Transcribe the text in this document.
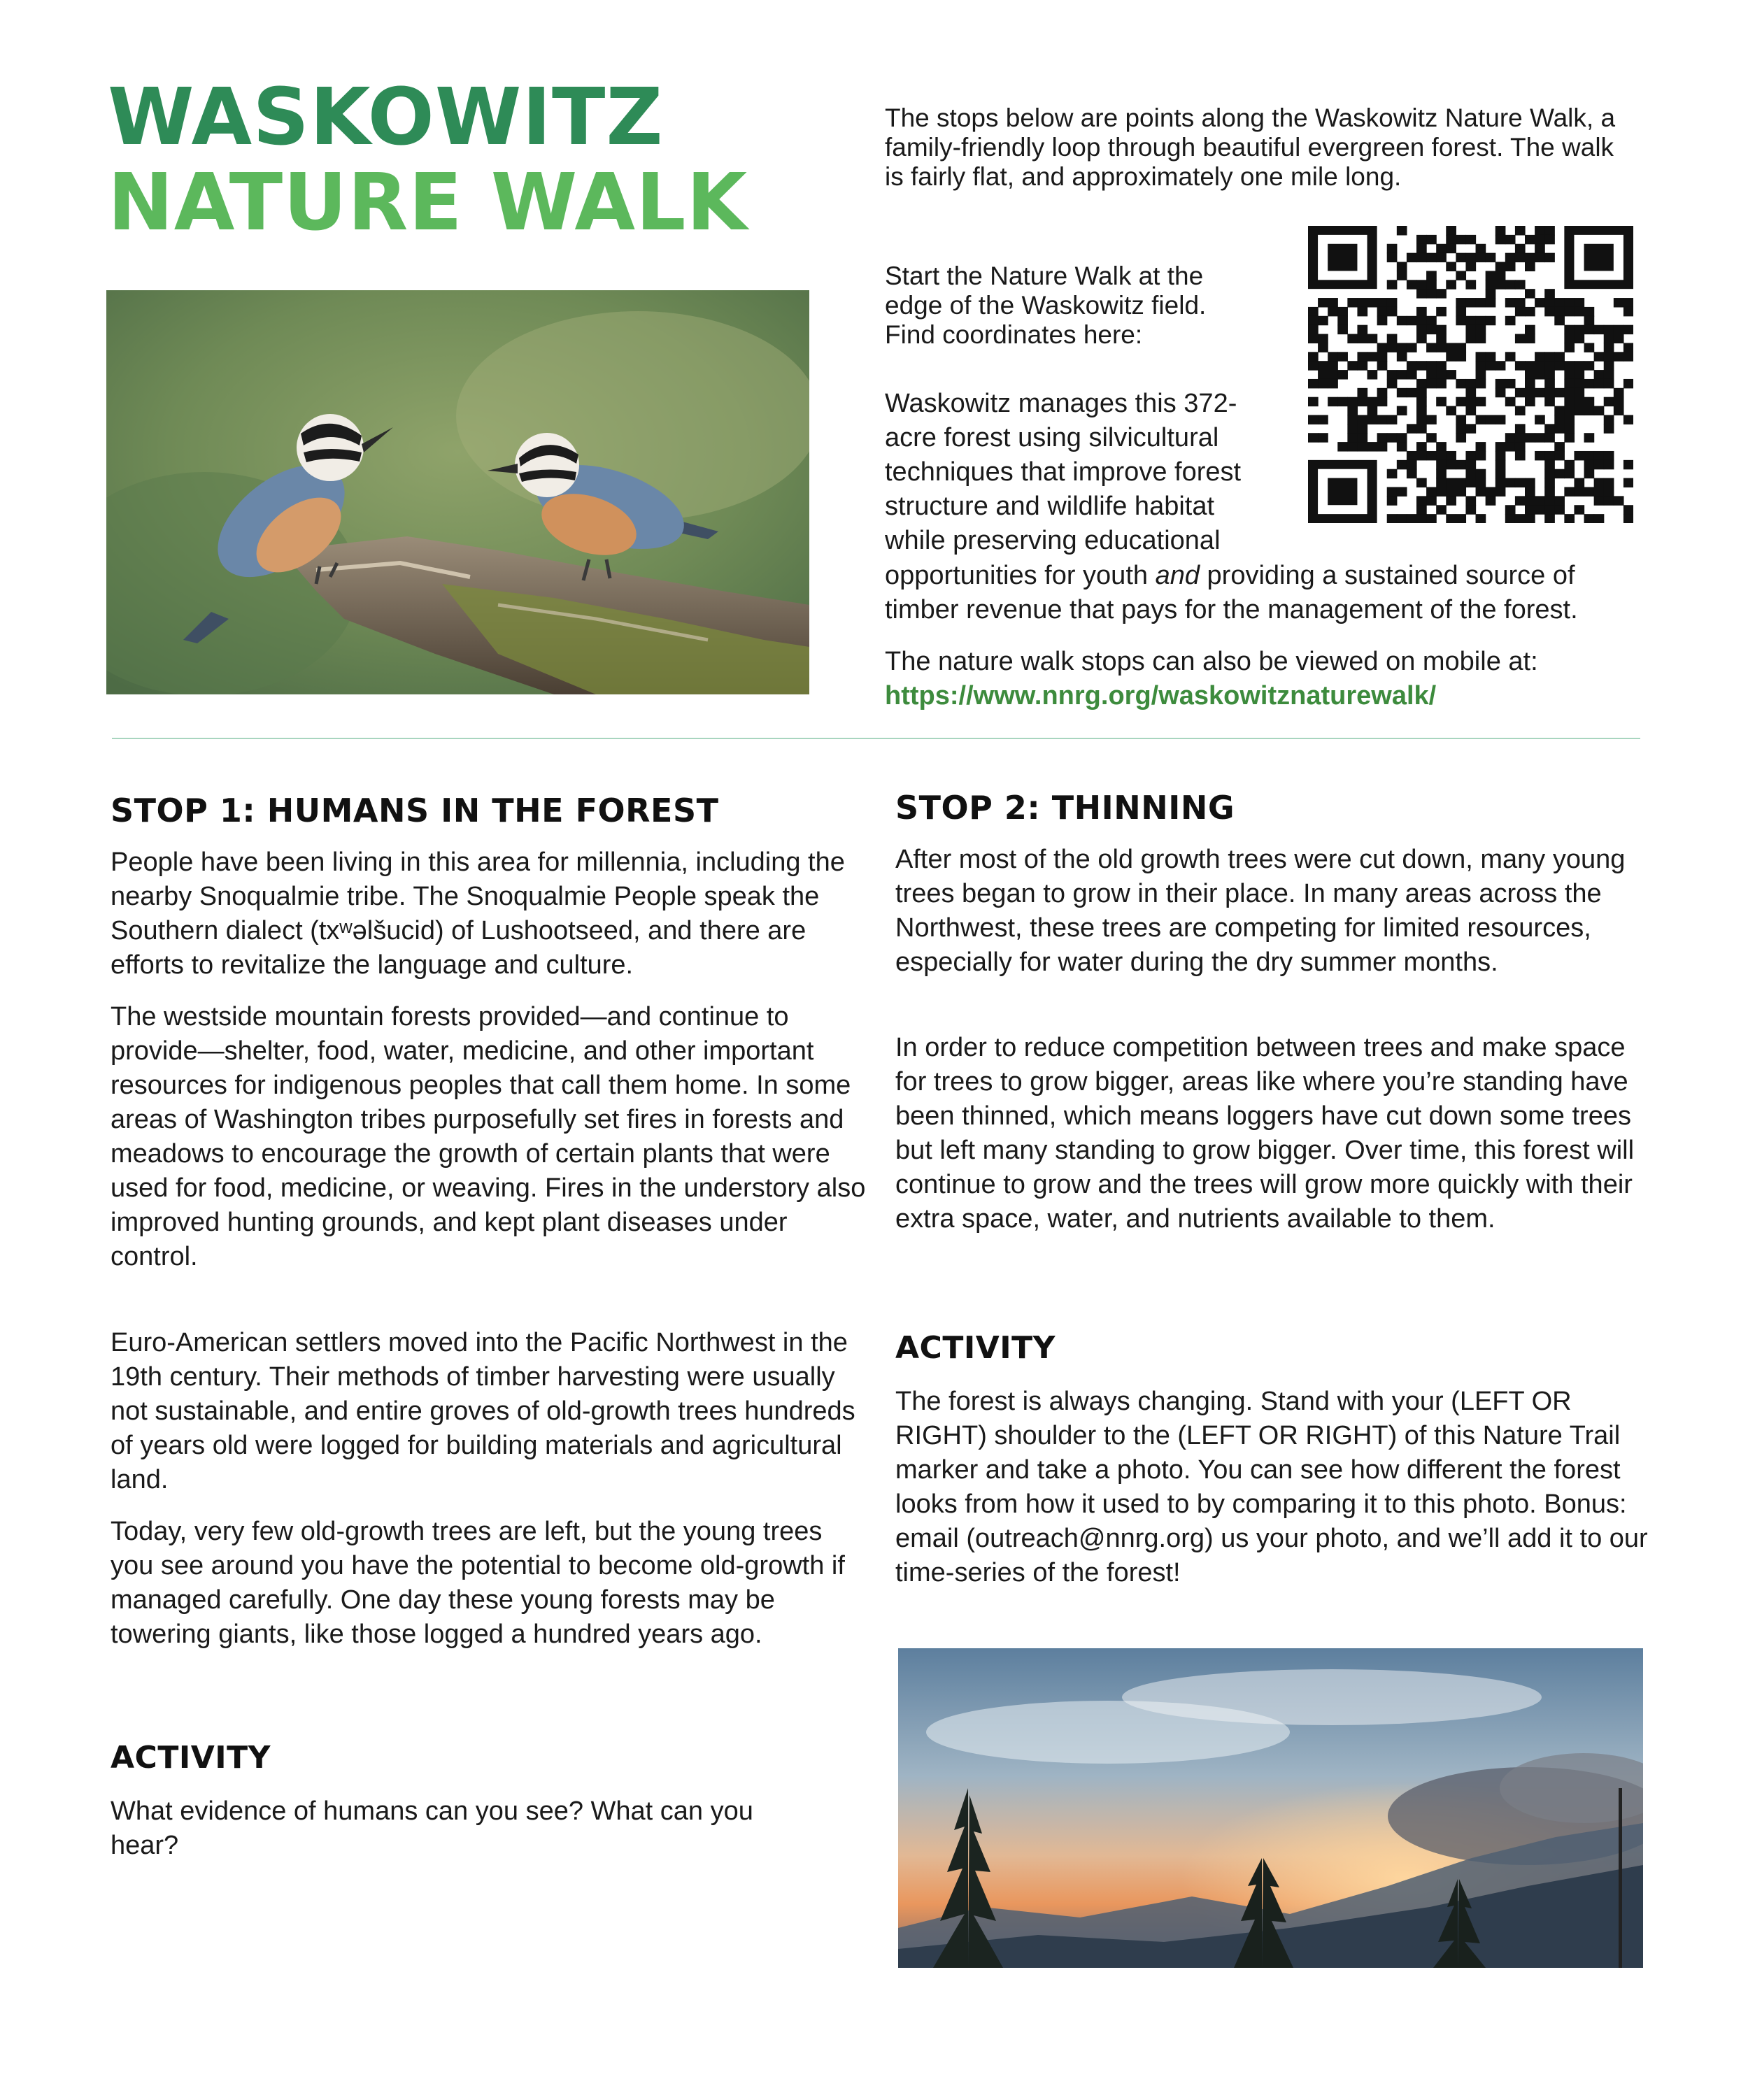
WASKOWITZ
NATURE WALK

The stops below are points along the Waskowitz Nature Walk, a family-friendly loop through beautiful evergreen forest. The walk is fairly flat, and approximately one mile long.

Start the Nature Walk at the edge of the Waskowitz field. Find coordinates here:

Waskowitz manages this 372-acre forest using silvicultural techniques that improve forest structure and wildlife habitat while preserving educational

opportunities for youth and providing a sustained source of timber revenue that pays for the management of the forest.

The nature walk stops can also be viewed on mobile at:

https://www.nnrg.org/waskowitznaturewalk/
STOP 1: HUMANS IN THE FOREST

People have been living in this area for millennia, including the nearby Snoqualmie tribe. The Snoqualmie People speak the Southern dialect (txʷəlšucid) of Lushootseed, and there are efforts to revitalize the language and culture.

The westside mountain forests provided—and continue to provide—shelter, food, water, medicine, and other important resources for indigenous peoples that call them home. In some areas of Washington tribes purposefully set fires in forests and meadows to encourage the growth of certain plants that were used for food, medicine, or weaving. Fires in the understory also improved hunting grounds, and kept plant diseases under control.

Euro-American settlers moved into the Pacific Northwest in the 19th century. Their methods of timber harvesting were usually not sustainable, and entire groves of old-growth trees hundreds of years old were logged for building materials and agricultural land.

Today, very few old-growth trees are left, but the young trees you see around you have the potential to become old-growth if managed carefully. One day these young forests may be towering giants, like those logged a hundred years ago.

ACTIVITY

What evidence of humans can you see? What can you hear?

STOP 2: THINNING

After most of the old growth trees were cut down, many young trees began to grow in their place. In many areas across the Northwest, these trees are competing for limited resources, especially for water during the dry summer months.

In order to reduce competition between trees and make space for trees to grow bigger, areas like where you’re standing have been thinned, which means loggers have cut down some trees but left many standing to grow bigger. Over time, this forest will continue to grow and the trees will grow more quickly with their extra space, water, and nutrients available to them.

ACTIVITY

The forest is always changing. Stand with your (LEFT OR RIGHT) shoulder to the (LEFT OR RIGHT) of this Nature Trail marker and take a photo. You can see how different the forest looks from how it used to by comparing it to this photo. Bonus: email (outreach@nnrg.org) us your photo, and we’ll add it to our time-series of the forest!
